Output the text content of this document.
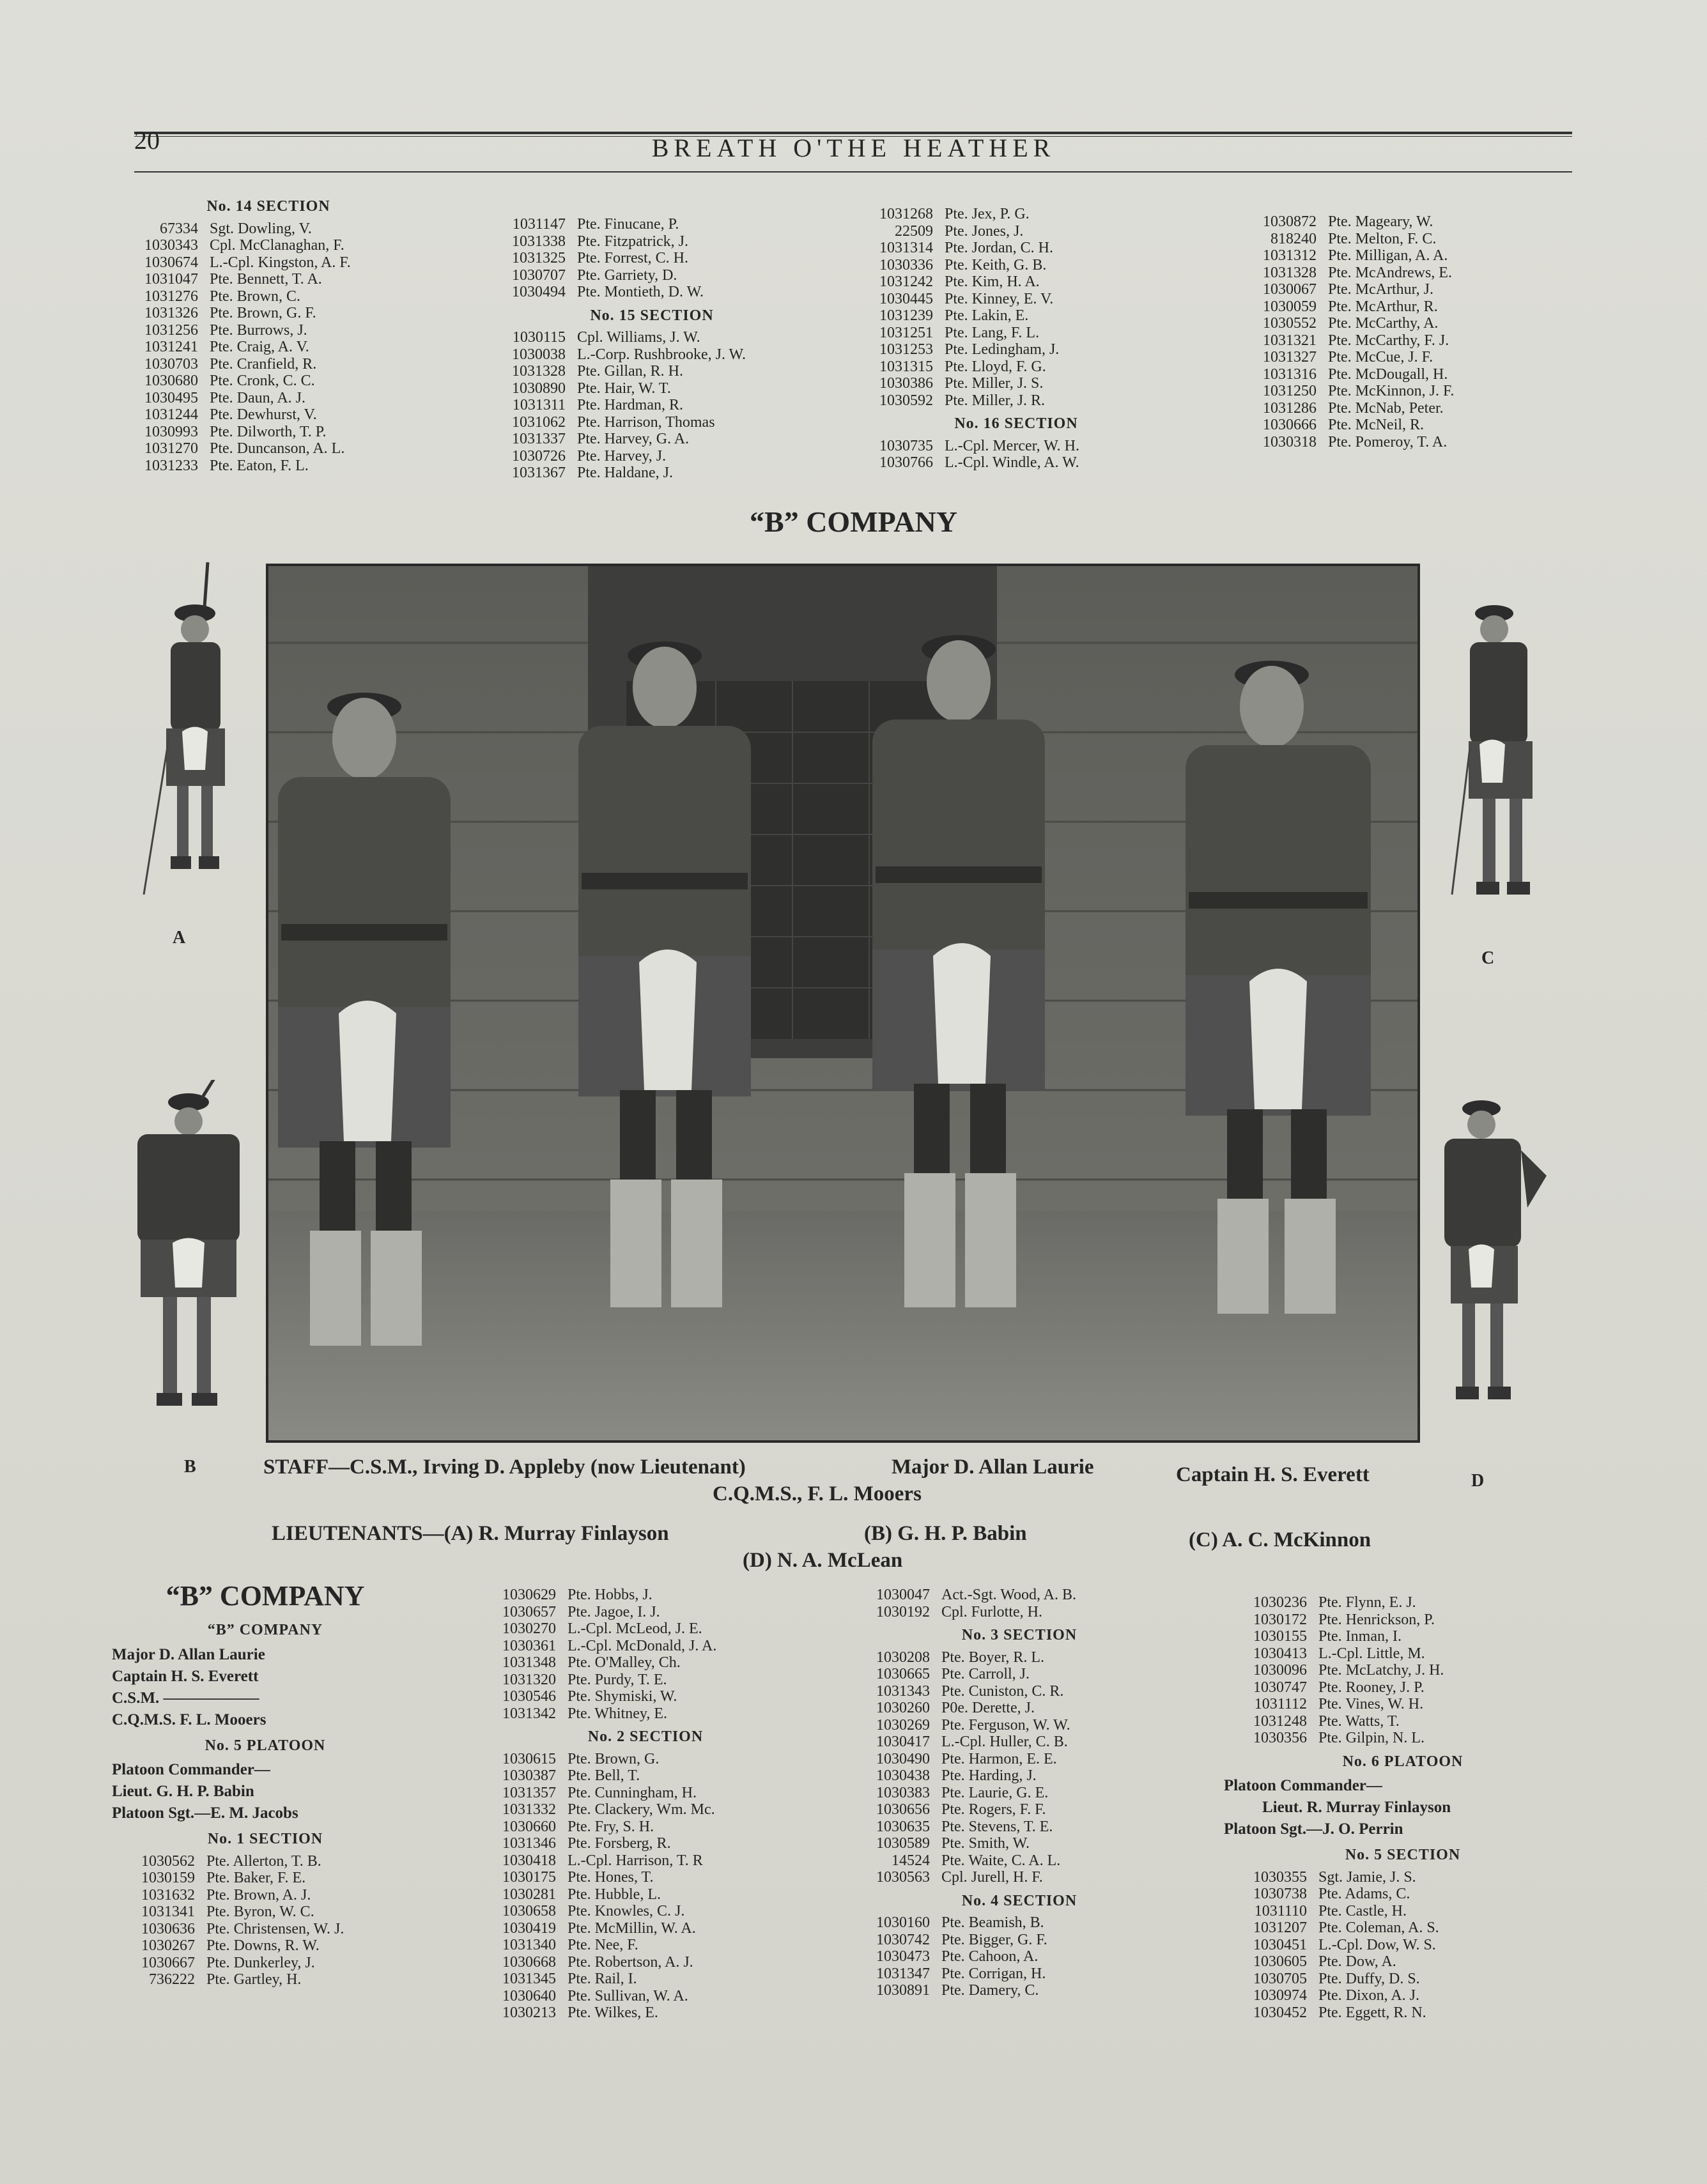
20	BREATH O'THE HEATHER
No. 14 SECTION
67334 Sgt. Dowling, V.
1030343 Cpl. McClanaghan, F.
1030674 L.-Cpl. Kingston, A. F.
1031047 Pte. Bennett, T. A.
1031276 Pte. Brown, C.
1031326 Pte. Brown, G. F.
1031256 Pte. Burrows, J.
1031241 Pte. Craig, A. V.
1030703 Pte. Cranfield, R.
1030680 Pte. Cronk, C. C.
1030495 Pte. Daun, A. J.
1031244 Pte. Dewhurst, V.
1030993 Pte. Dilworth, T. P.
1031270 Pte. Duncanson, A. L.
1031233 Pte. Eaton, F. L.
1031147 Pte. Finucane, P.
1031338 Pte. Fitzpatrick, J.
1031325 Pte. Forrest, C. H.
1030707 Pte. Garriety, D.
1030494 Pte. Montieth, D. W.
No. 15 SECTION
1030115 Cpl. Williams, J. W.
1030038 L.-Corp. Rushbrooke, J. W.
1031328 Pte. Gillan, R. H.
1030890 Pte. Hair, W. T.
1031311 Pte. Hardman, R.
1031062 Pte. Harrison, Thomas
1031337 Pte. Harvey, G. A.
1030726 Pte. Harvey, J.
1031367 Pte. Haldane, J.
1031268 Pte. Jex, P. G.
22509 Pte. Jones, J.
1031314 Pte. Jordan, C. H.
1030336 Pte. Keith, G. B.
1031242 Pte. Kim, H. A.
1030445 Pte. Kinney, E. V.
1031239 Pte. Lakin, E.
1031251 Pte. Lang, F. L.
1031253 Pte. Ledingham, J.
1031315 Pte. Lloyd, F. G.
1030386 Pte. Miller, J. S.
1030592 Pte. Miller, J. R.
No. 16 SECTION
1030735 L.-Cpl. Mercer, W. H.
1030766 L.-Cpl. Windle, A. W.
1030872 Pte. Mageary, W.
818240 Pte. Melton, F. C.
1031312 Pte. Milligan, A. A.
1031328 Pte. McAndrews, E.
1030067 Pte. McArthur, J.
1030059 Pte. McArthur, R.
1030552 Pte. McCarthy, A.
1031321 Pte. McCarthy, F. J.
1031327 Pte. McCue, J. F.
1031316 Pte. McDougall, H.
1031250 Pte. McKinnon, J. F.
1031286 Pte. McNab, Peter.
1030666 Pte. McNeil, R.
1030318 Pte. Pomeroy, T. A.
“B” COMPANY
A
B
C
D
STAFF—C.S.M., Irving D. Appleby (now Lieutenant)	Major D. Allan Laurie	Captain H. S. Everett
C.Q.M.S., F. L. Mooers
LIEUTENANTS—(A) R. Murray Finlayson	(B) G. H. P. Babin	(C) A. C. McKinnon
(D) N. A. McLean
“B” COMPANY
“B” COMPANY
Major D. Allan Laurie
Captain H. S. Everett
C.S.M. ——————
C.Q.M.S. F. L. Mooers
No. 5 PLATOON
Platoon Commander—
Lieut. G. H. P. Babin
Platoon Sgt.—E. M. Jacobs
No. 1 SECTION
1030562 Pte. Allerton, T. B.
1030159 Pte. Baker, F. E.
1031632 Pte. Brown, A. J.
1031341 Pte. Byron, W. C.
1030636 Pte. Christensen, W. J.
1030267 Pte. Downs, R. W.
1030667 Pte. Dunkerley, J.
736222 Pte. Gartley, H.
1030629 Pte. Hobbs, J.
1030657 Pte. Jagoe, I. J.
1030270 L.-Cpl. McLeod, J. E.
1030361 L.-Cpl. McDonald, J. A.
1031348 Pte. O'Malley, Ch.
1031320 Pte. Purdy, T. E.
1030546 Pte. Shymiski, W.
1031342 Pte. Whitney, E.
No. 2 SECTION
1030615 Pte. Brown, G.
1030387 Pte. Bell, T.
1031357 Pte. Cunningham, H.
1031332 Pte. Clackery, Wm. Mc.
1030660 Pte. Fry, S. H.
1031346 Pte. Forsberg, R.
1030418 L.-Cpl. Harrison, T. R
1030175 Pte. Hones, T.
1030281 Pte. Hubble, L.
1030658 Pte. Knowles, C. J.
1030419 Pte. McMillin, W. A.
1031340 Pte. Nee, F.
1030668 Pte. Robertson, A. J.
1031345 Pte. Rail, I.
1030640 Pte. Sullivan, W. A.
1030213 Pte. Wilkes, E.
1030047 Act.-Sgt. Wood, A. B.
1030192 Cpl. Furlotte, H.
No. 3 SECTION
1030208 Pte. Boyer, R. L.
1030665 Pte. Carroll, J.
1031343 Pte. Cuniston, C. R.
1030260 P0e. Derette, J.
1030269 Pte. Ferguson, W. W.
1030417 L.-Cpl. Huller, C. B.
1030490 Pte. Harmon, E. E.
1030438 Pte. Harding, J.
1030383 Pte. Laurie, G. E.
1030656 Pte. Rogers, F. F.
1030635 Pte. Stevens, T. E.
1030589 Pte. Smith, W.
14524 Pte. Waite, C. A. L.
1030563 Cpl. Jurell, H. F.
No. 4 SECTION
1030160 Pte. Beamish, B.
1030742 Pte. Bigger, G. F.
1030473 Pte. Cahoon, A.
1031347 Pte. Corrigan, H.
1030891 Pte. Damery, C.
1030236 Pte. Flynn, E. J.
1030172 Pte. Henrickson, P.
1030155 Pte. Inman, I.
1030413 L.-Cpl. Little, M.
1030096 Pte. McLatchy, J. H.
1030747 Pte. Rooney, J. P.
1031112 Pte. Vines, W. H.
1031248 Pte. Watts, T.
1030356 Pte. Gilpin, N. L.
No. 6 PLATOON
Platoon Commander—
Lieut. R. Murray Finlayson
Platoon Sgt.—J. O. Perrin
No. 5 SECTION
1030355 Sgt. Jamie, J. S.
1030738 Pte. Adams, C.
1031110 Pte. Castle, H.
1031207 Pte. Coleman, A. S.
1030451 L.-Cpl. Dow, W. S.
1030605 Pte. Dow, A.
1030705 Pte. Duffy, D. S.
1030974 Pte. Dixon, A. J.
1030452 Pte. Eggett, R. N.
